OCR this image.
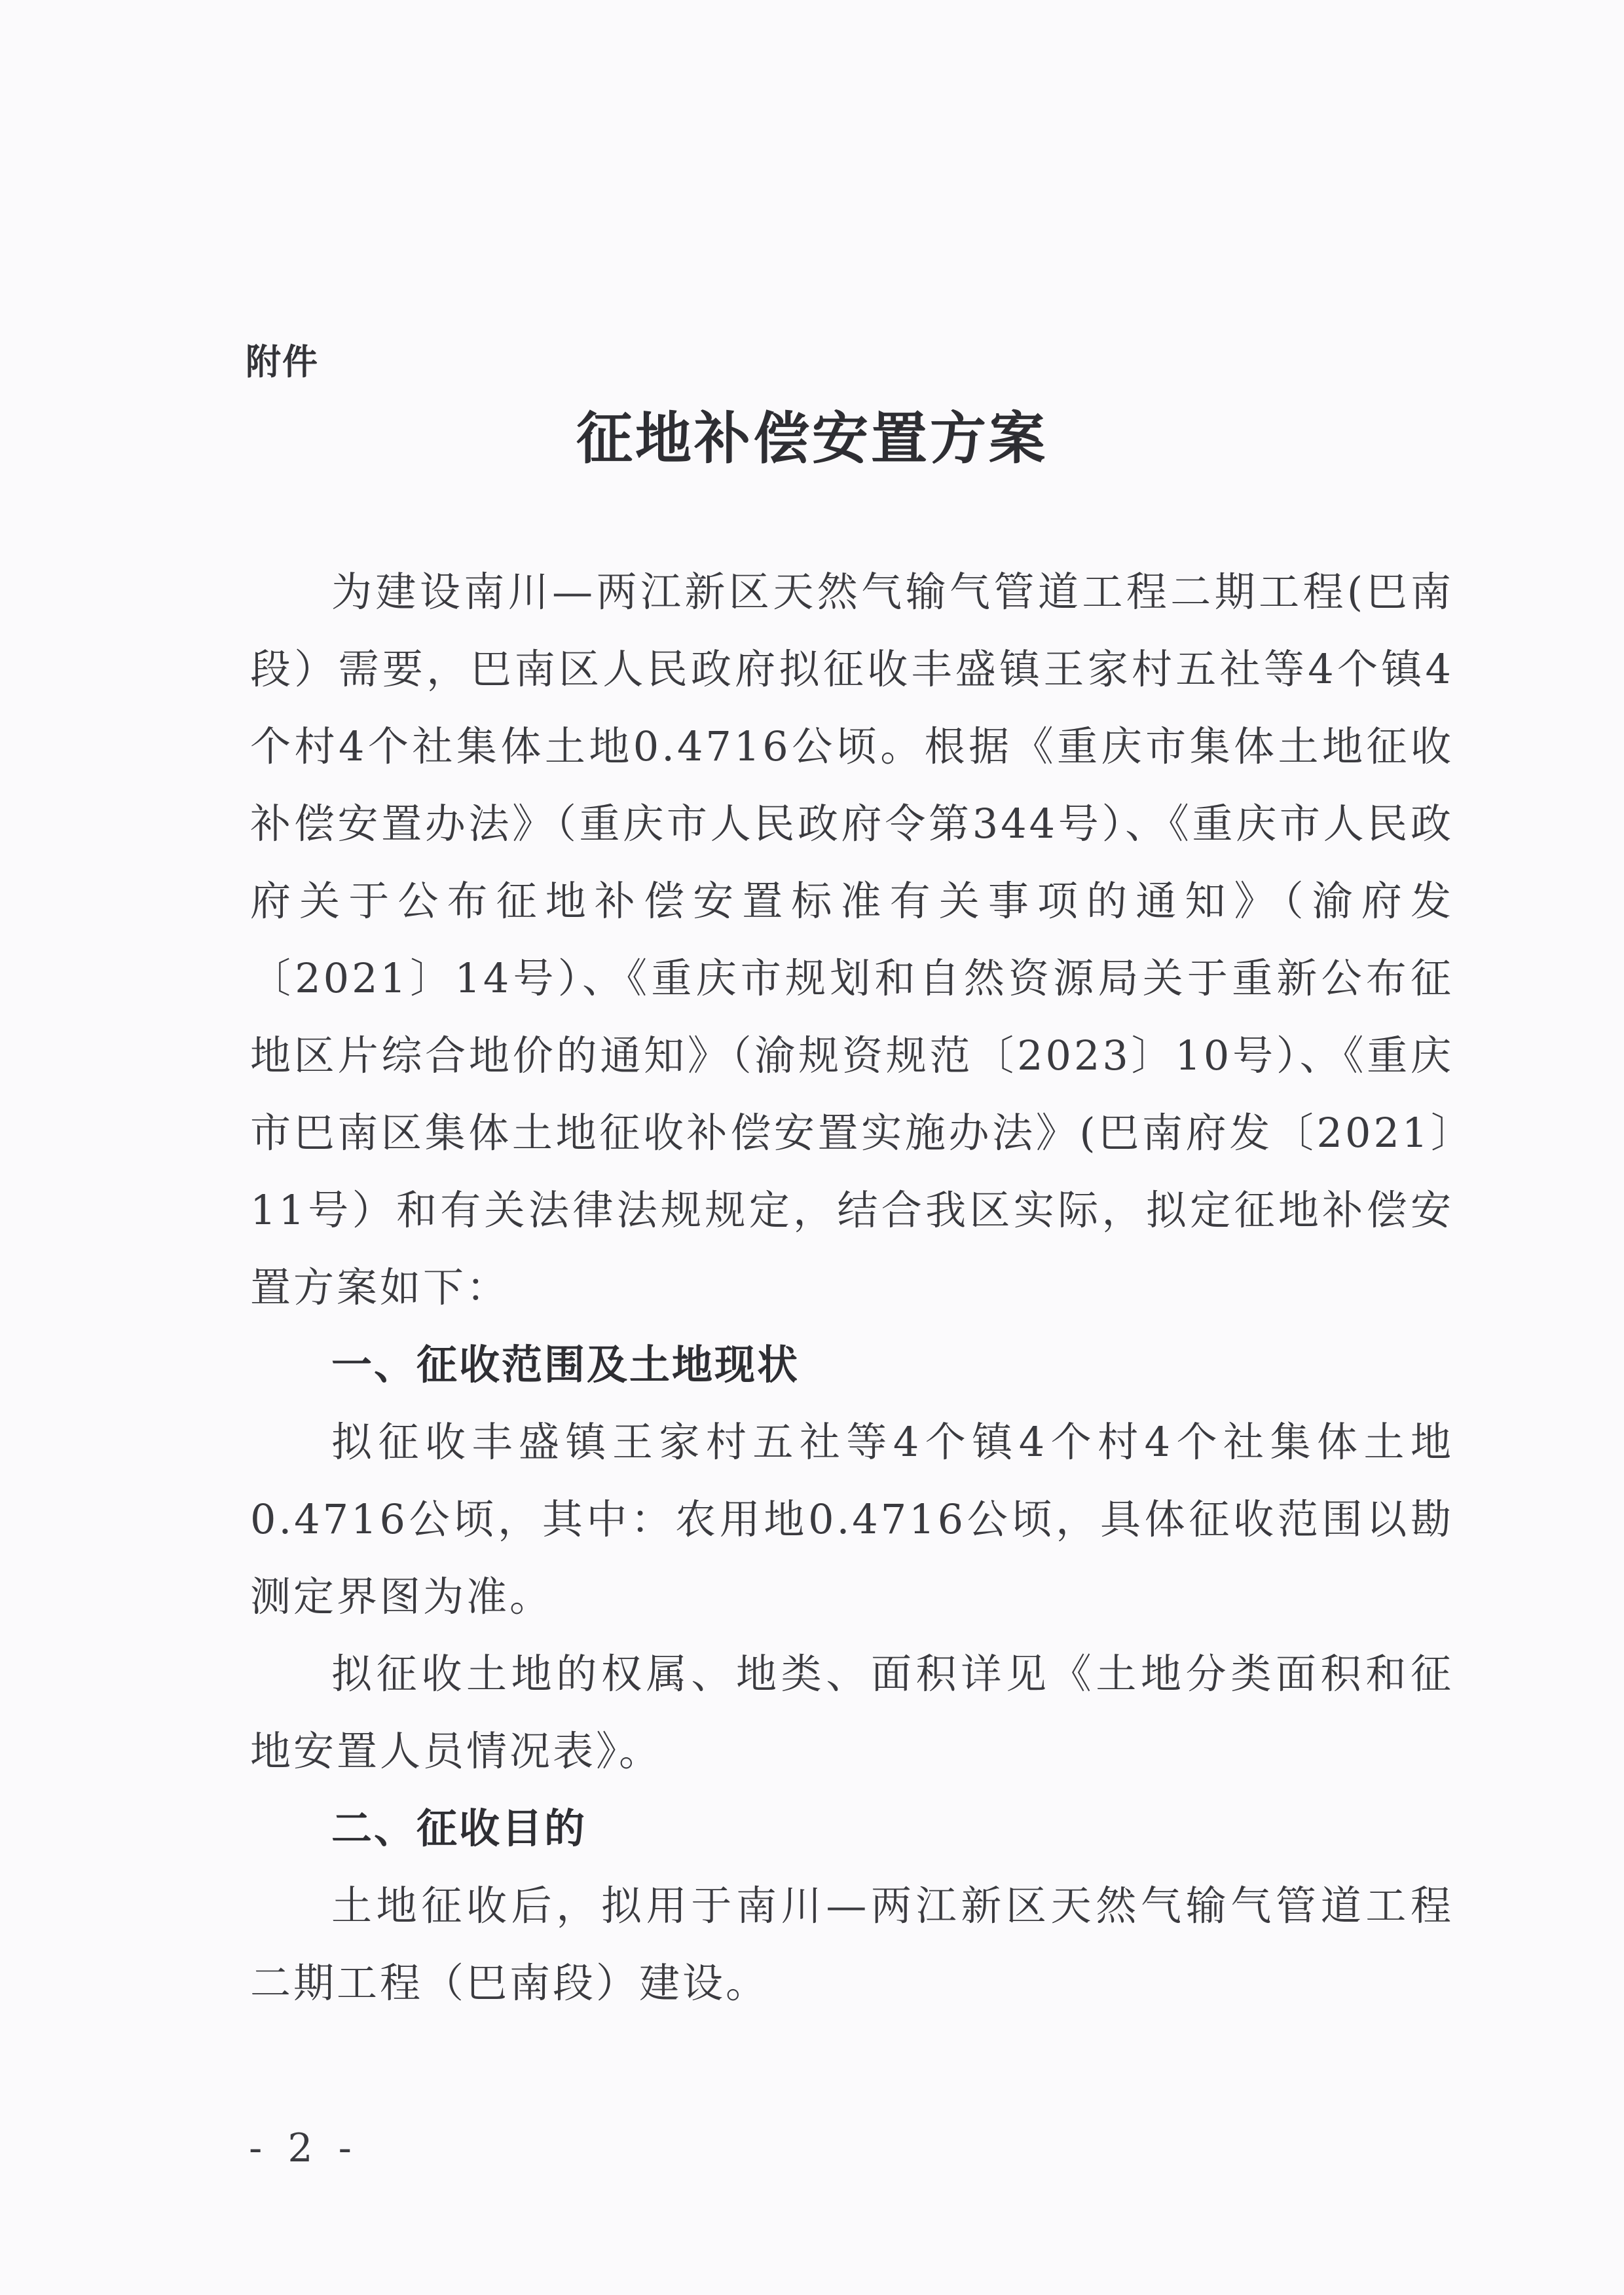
附件
征地补偿安置方案

为建设南川—两江新区天然气输气管道工程二期工程(巴南段）需要，巴南区人民政府拟征收丰盛镇王家村五社等4个镇4个村4个社集体土地0.4716公顷。根据《重庆市集体土地征收补偿安置办法》（重庆市人民政府令第344号）、《重庆市人民政府关于公布征地补偿安置标准有关事项的通知》（渝府发〔2021〕14号）、《重庆市规划和自然资源局关于重新公布征地区片综合地价的通知》（渝规资规范〔2023〕10号）、《重庆市巴南区集体土地征收补偿安置实施办法》(巴南府发〔2021〕11号）和有关法律法规规定，结合我区实际，拟定征地补偿安置方案如下：

一、征收范围及土地现状

拟征收丰盛镇王家村五社等4个镇4个村4个社集体土地0.4716公顷，其中：农用地0.4716公顷，具体征收范围以勘测定界图为准。

拟征收土地的权属、地类、面积详见《土地分类面积和征地安置人员情况表》。

二、征收目的

土地征收后，拟用于南川—两江新区天然气输气管道工程二期工程（巴南段）建设。

- 2 -
